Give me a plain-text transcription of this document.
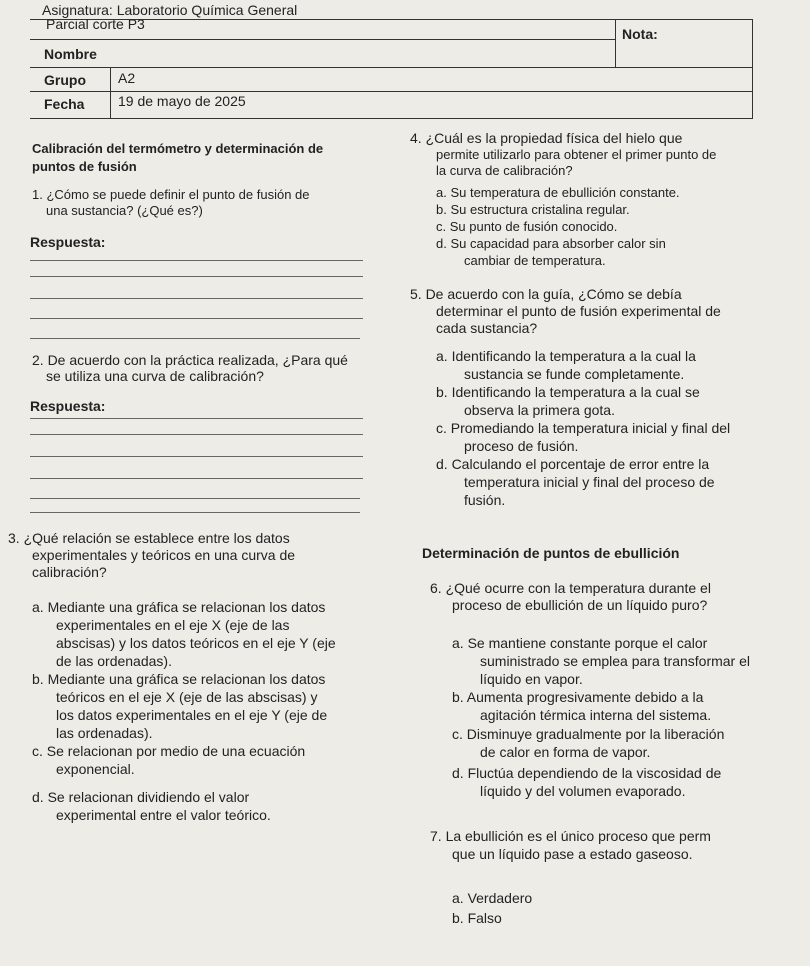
Asignatura: Laboratorio Química General
Parcial corte P3
Nota:
Nombre
Grupo A2
Fecha 19 de mayo de 2025
Calibración del termómetro y determinación de
puntos de fusión
1. ¿Cómo se puede definir el punto de fusión de
una sustancia? (¿Qué es?)
Respuesta:
2. De acuerdo con la práctica realizada, ¿Para qué
se utiliza una curva de calibración?
Respuesta:
3. ¿Qué relación se establece entre los datos
experimentales y teóricos en una curva de
calibración?
a. Mediante una gráfica se relacionan los datos
experimentales en el eje X (eje de las
abscisas) y los datos teóricos en el eje Y (eje
de las ordenadas).
b. Mediante una gráfica se relacionan los datos
teóricos en el eje X (eje de las abscisas) y
los datos experimentales en el eje Y (eje de
las ordenadas).
c. Se relacionan por medio de una ecuación
exponencial.
d. Se relacionan dividiendo el valor
experimental entre el valor teórico.
4. ¿Cuál es la propiedad física del hielo que
permite utilizarlo para obtener el primer punto de
la curva de calibración?
a. Su temperatura de ebullición constante.
b. Su estructura cristalina regular.
c. Su punto de fusión conocido.
d. Su capacidad para absorber calor sin
cambiar de temperatura.
5. De acuerdo con la guía, ¿Cómo se debía
determinar el punto de fusión experimental de
cada sustancia?
a. Identificando la temperatura a la cual la
sustancia se funde completamente.
b. Identificando la temperatura a la cual se
observa la primera gota.
c. Promediando la temperatura inicial y final del
proceso de fusión.
d. Calculando el porcentaje de error entre la
temperatura inicial y final del proceso de
fusión.
Determinación de puntos de ebullición
6. ¿Qué ocurre con la temperatura durante el
proceso de ebullición de un líquido puro?
a. Se mantiene constante porque el calor
suministrado se emplea para transformar el
líquido en vapor.
b. Aumenta progresivamente debido a la
agitación térmica interna del sistema.
c. Disminuye gradualmente por la liberación
de calor en forma de vapor.
d. Fluctúa dependiendo de la viscosidad de
líquido y del volumen evaporado.
7. La ebullición es el único proceso que perm
que un líquido pase a estado gaseoso.
a. Verdadero
b. Falso
